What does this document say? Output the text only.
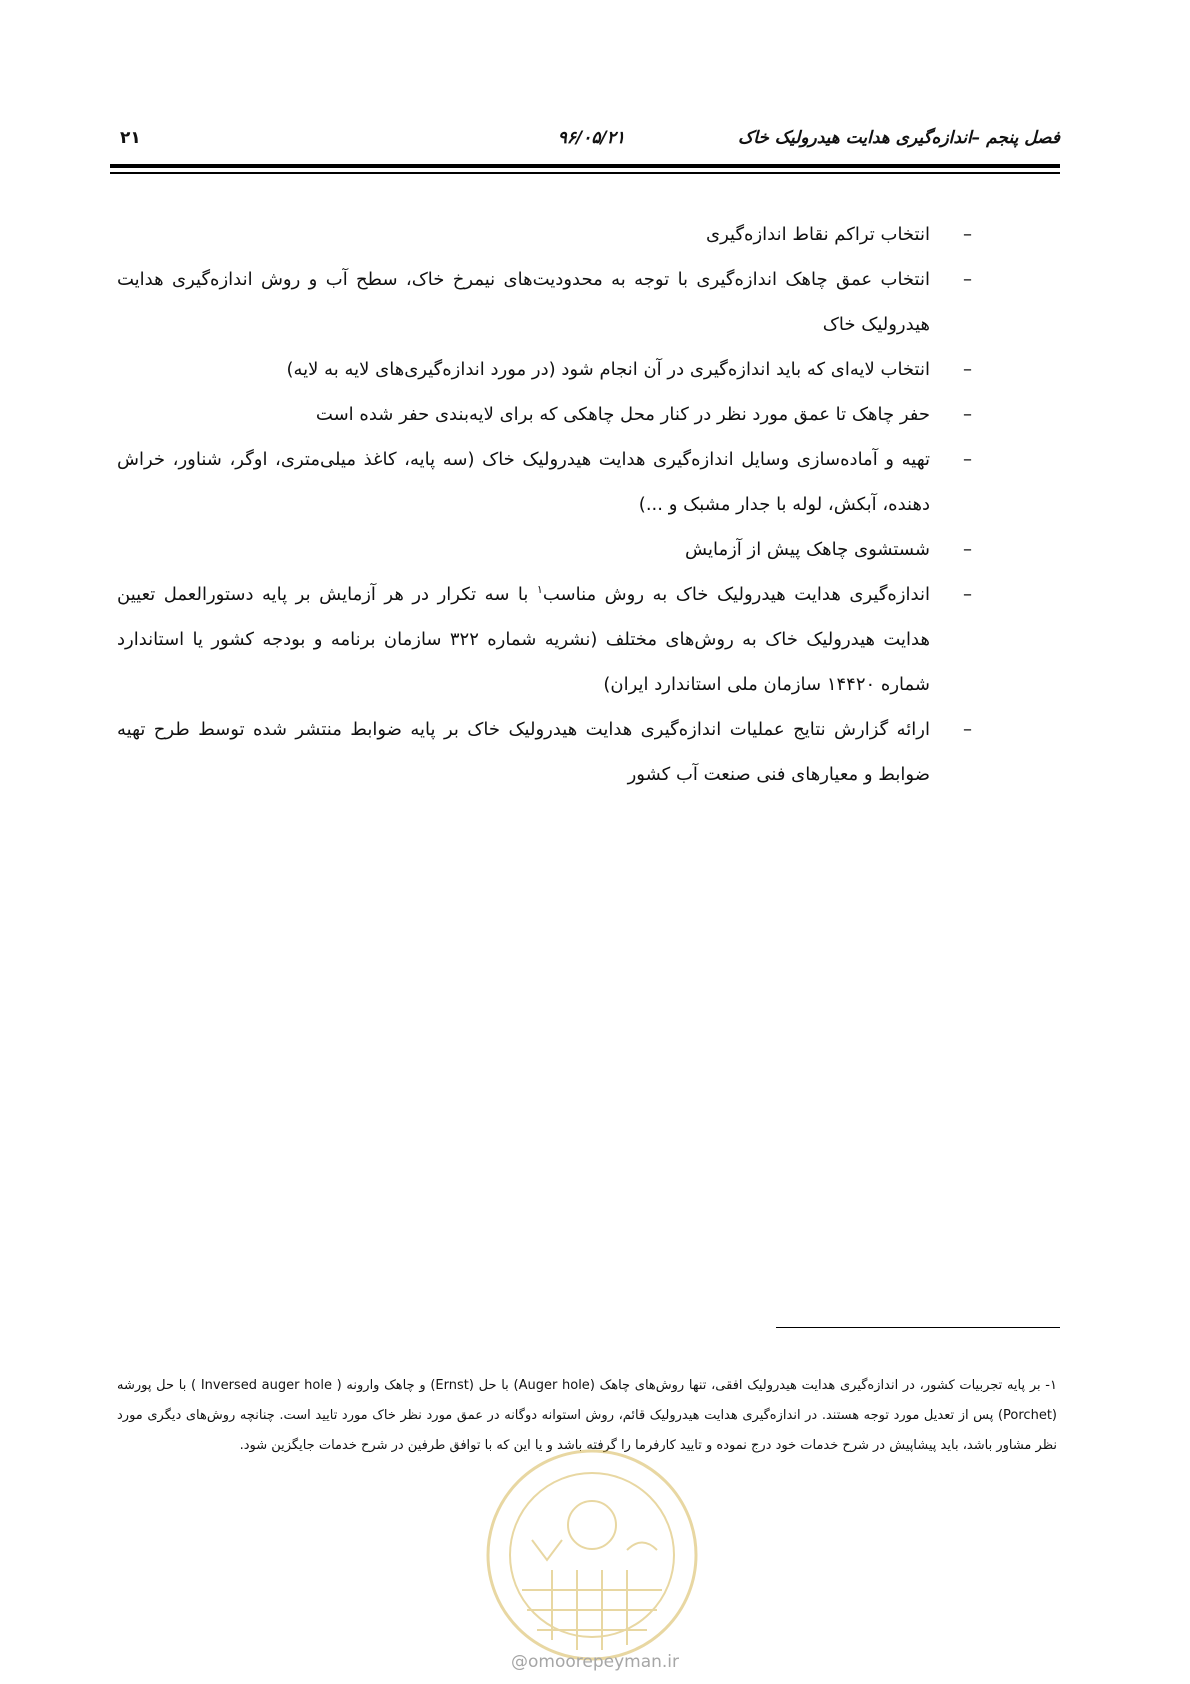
فصل پنجم –اندازه‌گیری هدایت هیدرولیک خاک
۹۶/۰۵/۲۱
۲۱

–
انتخاب تراکم نقاط اندازه‌گیری

–
انتخاب عمق چاهک اندازه‌گیری با توجه به محدودیت‌های نیمرخ خاک، سطح آب و روش اندازه‌گیری هدایت هیدرولیک خاک

–
انتخاب لایه‌ای که باید اندازه‌گیری در آن انجام شود (در مورد اندازه‌گیری‌های لایه به لایه)

–
حفر چاهک تا عمق مورد نظر در کنار محل چاهکی که برای لایه‌بندی حفر شده است

–
تهیه و آماده‌سازی وسایل اندازه‌گیری هدایت هیدرولیک خاک (سه پایه، کاغذ میلی‌متری، اوگر، شناور، خراش دهنده، آبکش، لوله با جدار مشبک و ...)

–
شستشوی چاهک پیش از آزمایش

–
اندازه‌گیری هدایت هیدرولیک خاک به روش مناسب$^۱$ با سه تکرار در هر آزمایش بر پایه دستورالعمل تعیین هدایت هیدرولیک خاک به روش‌های مختلف (نشریه شماره ۳۲۲ سازمان برنامه و بودجه کشور یا استاندارد شماره ۱۴۴۲۰ سازمان ملی استاندارد ایران)

–
ارائه گزارش نتایج عملیات اندازه‌گیری هدایت هیدرولیک خاک بر پایه ضوابط منتشر شده توسط طرح تهیه ضوابط و معیارهای فنی صنعت آب کشور

۱- بر پایه تجربیات کشور، در اندازه‌گیری هدایت هیدرولیک افقی، تنها روش‌های چاهک (Auger hole) با حل (Ernst) و چاهک وارونه ( Inversed auger hole ) با حل پورشه (Porchet) پس از تعدیل مورد توجه هستند. در اندازه‌گیری هدایت هیدرولیک قائم، روش استوانه دوگانه در عمق مورد نظر خاک مورد تایید است. چنانچه روش‌های دیگری مورد نظر مشاور باشد، باید پیشاپیش در شرح خدمات خود درج نموده و تایید کارفرما را گرفته باشد و یا این که با توافق طرفین در شرح خدمات جایگزین شود.
@omoorepeyman.ir
